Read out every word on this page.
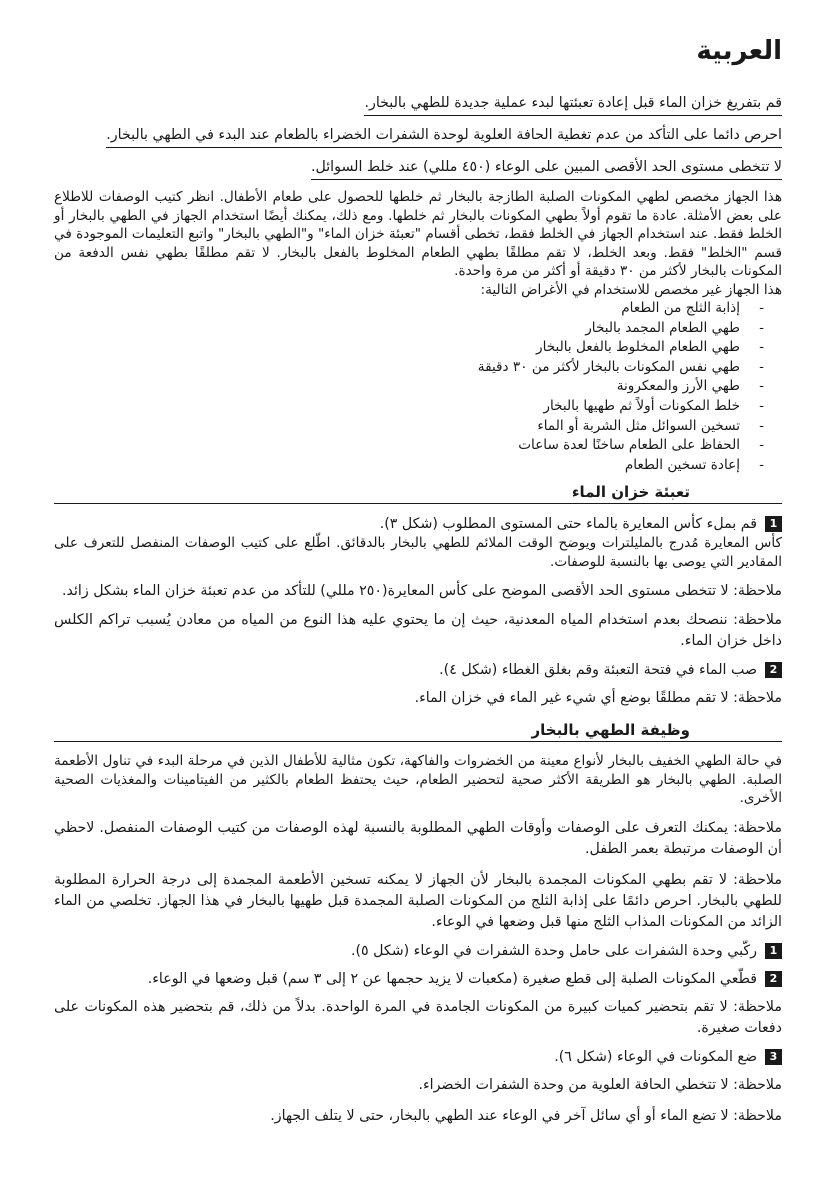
العربية

قم بتفريغ خزان الماء قبل إعادة تعبئتها لبدء عملية جديدة للطهي بالبخار.

احرص دائما على التأكد من عدم تغطية الحافة العلوية لوحدة الشفرات الخضراء بالطعام عند البدء في الطهي بالبخار.

لا تتخطى مستوى الحد الأقصى المبين على الوعاء (٤٥٠ مللي) عند خلط السوائل.

هذا الجهاز مخصص لطهي المكونات الصلبة الطازجة بالبخار ثم خلطها للحصول على طعام الأطفال. انظر كتيب الوصفات للاطلاع على بعض الأمثلة. عادة ما تقوم أولاً بطهي المكونات بالبخار ثم خلطها. ومع ذلك، يمكنك أيضًا استخدام الجهاز في الطهي بالبخار أو الخلط فقط. عند استخدام الجهاز في الخلط فقط، تخطى أقسام "تعبئة خزان الماء" و"الطهي بالبخار" واتبع التعليمات الموجودة في قسم "الخلط" فقط. وبعد الخلط، لا تقم مطلقًا بطهي الطعام المخلوط بالفعل بالبخار. لا تقم مطلقًا بطهي نفس الدفعة من المكونات بالبخار لأكثر من ٣٠ دقيقة أو أكثر من مرة واحدة.

هذا الجهاز غير مخصص للاستخدام في الأغراض التالية:

-
إذابة الثلج من الطعام
-
طهي الطعام المجمد بالبخار
-
طهي الطعام المخلوط بالفعل بالبخار
-
طهي نفس المكونات بالبخار لأكثر من ٣٠ دقيقة
-
طهي الأرز والمعكرونة
-
خلط المكونات أولاً ثم طهيها بالبخار
-
تسخين السوائل مثل الشربة أو الماء
-
الحفاظ على الطعام ساخنًا لعدة ساعات
-
إعادة تسخين الطعام
تعبئة خزان الماء

1
قم بملء كأس المعايرة بالماء حتى المستوى المطلوب (شكل ٣).

كأس المعايرة مُدرج بالمليلترات ويوضح الوقت الملائم للطهي بالبخار بالدقائق. اطّلع على كتيب الوصفات المنفصل للتعرف على المقادير التي يوصى بها بالنسبة للوصفات.

ملاحظة: لا تتخطى مستوى الحد الأقصى الموضح على كأس المعايرة(٢٥٠ مللي) للتأكد من عدم تعبئة خزان الماء بشكل زائد.

ملاحظة: ننصحك بعدم استخدام المياه المعدنية، حيث إن ما يحتوي عليه هذا النوع من المياه من معادن يُسبب تراكم الكلس داخل خزان الماء.

2
صب الماء في فتحة التعبئة وقم بغلق الغطاء (شكل ٤).

ملاحظة: لا تقم مطلقًا بوضع أي شيء غير الماء في خزان الماء.

وظيفة الطهي بالبخار

في حالة الطهي الخفيف بالبخار لأنواع معينة من الخضروات والفاكهة، تكون مثالية للأطفال الذين في مرحلة البدء في تناول الأطعمة الصلبة. الطهي بالبخار هو الطريقة الأكثر صحية لتحضير الطعام، حيث يحتفظ الطعام بالكثير من الفيتامينات والمغذيات الصحية الأخرى.

ملاحظة: يمكنك التعرف على الوصفات وأوقات الطهي المطلوبة بالنسبة لهذه الوصفات من كتيب الوصفات المنفصل. لاحظي أن الوصفات مرتبطة بعمر الطفل.

ملاحظة: لا تقم بطهي المكونات المجمدة بالبخار لأن الجهاز لا يمكنه تسخين الأطعمة المجمدة إلى درجة الحرارة المطلوبة للطهي بالبخار. احرص دائمًا على إذابة الثلج من المكونات الصلبة المجمدة قبل طهيها بالبخار في هذا الجهاز. تخلصي من الماء الزائد من المكونات المذاب الثلج منها قبل وضعها في الوعاء.

1
ركّبي وحدة الشفرات على حامل وحدة الشفرات في الوعاء (شكل ٥).

2
قطّعي المكونات الصلبة إلى قطع صغيرة (مكعبات لا يزيد حجمها عن ٢ إلى ٣ سم) قبل وضعها في الوعاء.

ملاحظة: لا تقم بتحضير كميات كبيرة من المكونات الجامدة في المرة الواحدة. بدلاً من ذلك، قم بتحضير هذه المكونات على دفعات صغيرة.

3
ضع المكونات في الوعاء (شكل ٦).

ملاحظة: لا تتخطي الحافة العلوية من وحدة الشفرات الخضراء.

ملاحظة: لا تضع الماء أو أي سائل آخر في الوعاء عند الطهي بالبخار، حتى لا يتلف الجهاز.
